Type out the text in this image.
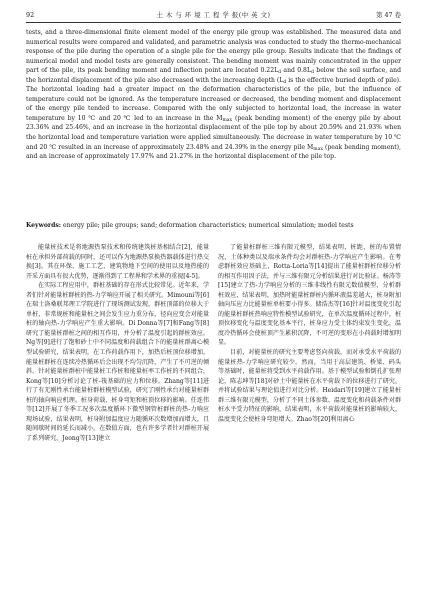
92	土 木 与 环 境 工 程 学 报(中 英 文)	第 47 卷

tests, and a three-dimensional finite element model of the energy pile group was established. The measured data and numerical results were compared and validated, and parametric analysis was conducted to study the thermo-mechanical response of the pile during the operation of a single pile for the energy pile group. Results indicate that the findings of numerical model and model tests are generally consistent. The bending moment was mainly concentrated in the upper part of the pile, its peak bending moment and inflection point are located $0.22L_d$ and $0.8L_d$ below the soil surface, and the horizontal displacement of the pile also decreased with the increasing depth ($L_d$ is the effective buried depth of pile). The horizontal loading had a greater impact on the deformation characteristics of the pile, but the influence of temperature could not be ignored. As the temperature increased or decreased, the bending moment and displacement of the energy pile tended to increase. Compared with the only subjected to horizontal load, the increase in water temperature by 10 ℃ and 20 ℃ led to an increase in the $M_{max}$ (peak bending moment) of the energy pile by about 23.36% and 25.46%, and an increase in the horizontal displacement of the pile top by about 20.59% and 21.93% when the horizontal load and temperature variation were applied simultaneously. The decrease in water temperature by 10 ℃ and 20 ℃ resulted in an increase of approximately 23.48% and 24.39% in the energy pile $M_{max}$ (peak bending moment), and an increase of approximately 17.97% and 21.27% in the horizontal displacement of the pile top.

Keywords: energy pile; pile groups; sand; deformation characteristics; numerical simulation; model tests

能量桩技术是将地源热泵技术和传统建筑桩基相结合[2]，能量桩在承担外部荷载的同时，还可以作为地源热泵换热器载体进行热交换[3]。其在环保、施工工艺、建筑物地下空间的使用以及地热能的开采方面具有很大优势，逐渐得到了工程界和学术界的重视[4-5]。

在实际工程应用中，群桩基础的存在形式比较常见。近年来，学者们针对能量桩群桩的热-力学响应开展了相关研究。Mimouni等[6]在瑞士洛桑联邦理工学院进行了现场测试发现，群桩顶部的位移大于单桩，非常规桩和能量桩之间会发生应力重分布，径向应变会对能量桩的轴向热-力学响应产生重大影响。Di Donna等[7]和Fang等[8]研究了能量桩群桩之间的相互作用，并分析了温度引起的群桩效应。Ng等[9]进行了饱和砂土中不同温度和荷载组合下的能量桩群离心模型试验研究，结果表明，在工作荷载作用下，加热后桩顶位移增加，能量桩群桩在连续冷热循环后会出现不均匀沉降，产生了不可逆的倾斜。针对能量桩群桩中能量桩工作桩和能量桩率工作桩的不同组合，Kong等[10]分析讨论了桩-筏基础的应力和位移。Zhang等[11]进行了有无刚性承台能量桩群桩模型试验，研究了刚性承台对能量桩群桩的轴向响应机理。桩身荷载、桩身弯矩和桩顶位移的影响。任连伟等[12]开展了冬季工况多次温度循环下微型钢管桩群桩的热-力响应现场试验，结果表明，桩身附加温度应力随循环次数增加而增大，且随间歇时间的延长而减小。在数值方面，也有许多学者针对群桩开展了系列研究。Jeong等[13]建立

了能量桩群桩三维有限元模型，结果表明，桩距、桩的布置情况，土体种类以及端承条件均会对群桩热-力学响应产生影响。在考虑群桩效应基础上，Rotta-Loria等[14]提出了能量桩群桩位移分析的相互作用因子法，并与三维有限元分析结果进行对比验证。杨涛等[15]建立了热-力学响应分析的三维非线性有限元数值模型，分析群桩效应，结果表明，加热时能量桩群桩内循环液温差越大，桩身附加轴向压应力比能量桩单桩要小得多。储浩杰等[16]针对温度变化引起的能量桩群桩热响应特性模型试验研究，在单次温度循环过程中，桩顶位移变化与温度变化基本平行，桩身应力受土体约束发生变化，温度冷热循环会使桩顶产生累积沉降，不可逆的变形在小荷载时增加明显。

目前，对能量桩的研究主要考虑竖向荷载，而对承受水平荷载的能量桩热-力学响应研究较少。然而，当用于高层建筑、桥梁、码头等基础时，能量桩将受到水平荷载作用。基于模型试验和倒孔扩张理论，陈志坤等[18]对砂土中能量桩在水平荷载下的位移进行了研究，并将试验结果与理论值进行对比分析。Heidari等[19]建立了能量桩群三维有限元模型，分析了不同土体参数、温度变化和荷载条件对群桩水平受力特征的影响，结果表明，水平荷载对能量桩的影响较大，温度变化会使桩身弯矩增大。Zhao等[20]利用离心
